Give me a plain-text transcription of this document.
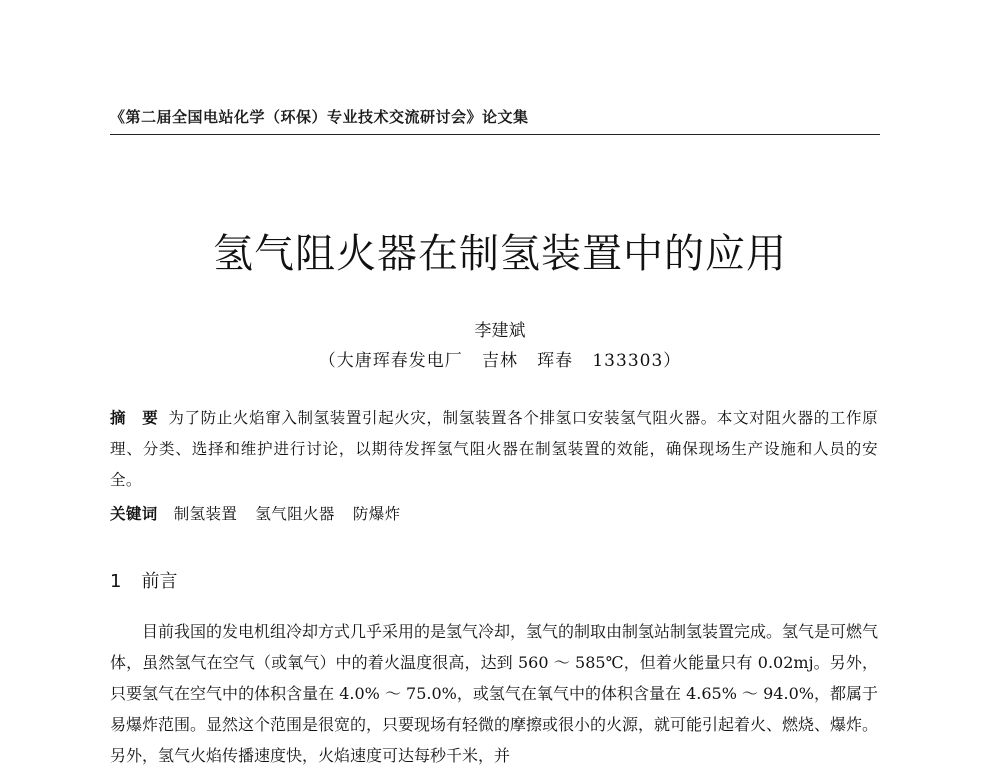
《第二届全国电站化学（环保）专业技术交流研讨会》论文集
氢气阻火器在制氢装置中的应用
李建斌
（大唐珲春发电厂   吉林   珲春   133303）
摘　要 为了防止火焰窜入制氢装置引起火灾，制氢装置各个排氢口安装氢气阻火器。本文对阻火器的工作原理、分类、选择和维护进行讨论，以期待发挥氢气阻火器在制氢装置的效能，确保现场生产设施和人员的安全。
关键词 制氢装置 氢气阻火器 防爆炸
1 前言
目前我国的发电机组冷却方式几乎采用的是氢气冷却，氢气的制取由制氢站制氢装置完成。氢气是可燃气体，虽然氢气在空气（或氧气）中的着火温度很高，达到 560 ～ 585℃，但着火能量只有 0.02mj。另外，只要氢气在空气中的体积含量在 4.0% ～ 75.0%，或氢气在氧气中的体积含量在 4.65% ～ 94.0%，都属于易爆炸范围。显然这个范围是很宽的，只要现场有轻微的摩擦或很小的火源，就可能引起着火、燃烧、爆炸。另外，氢气火焰传播速度快，火焰速度可达每秒千米，并
